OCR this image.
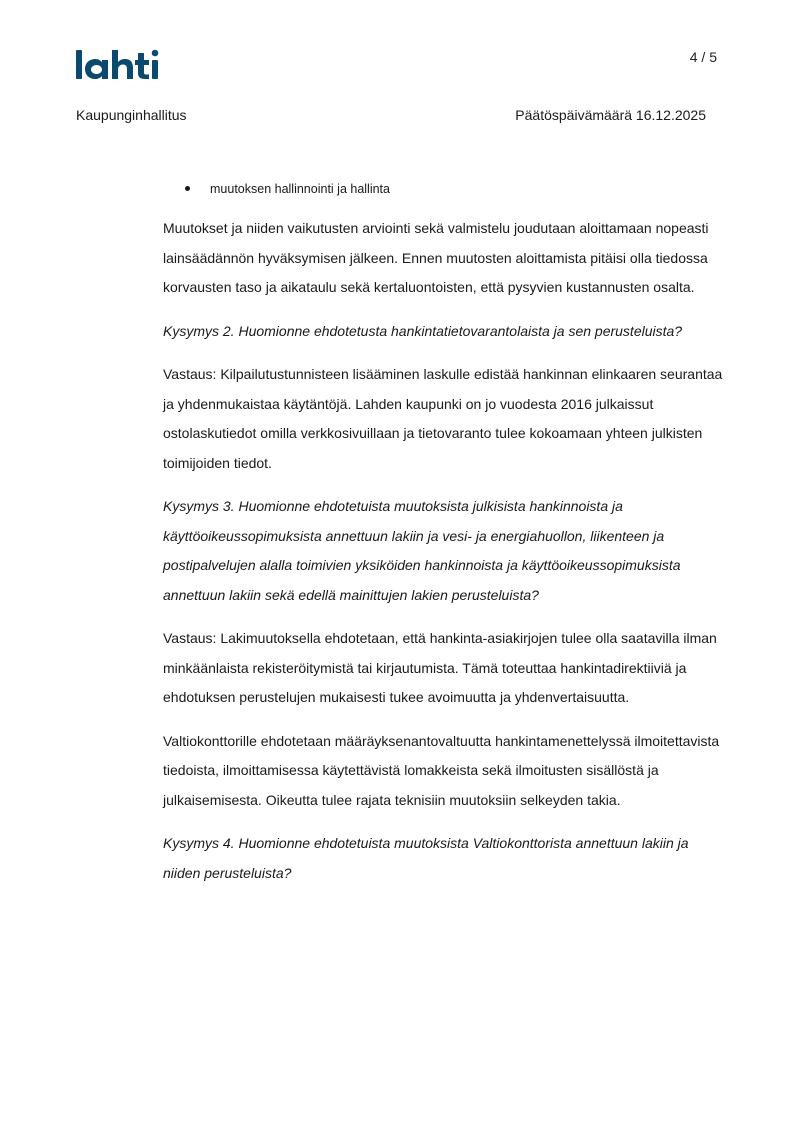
4 / 5
Kaupunginhallitus	Päätöspäivämäärä 16.12.2025
muutoksen hallinnointi ja hallinta

Muutokset ja niiden vaikutusten arviointi sekä valmistelu joudutaan aloittamaan nopeasti lainsäädännön hyväksymisen jälkeen. Ennen muutosten aloittamista pitäisi olla tiedossa korvausten taso ja aikataulu sekä kertaluontoisten, että pysyvien kustannusten osalta.

Kysymys 2. Huomionne ehdotetusta hankintatietovarantolaista ja sen perusteluista?

Vastaus: Kilpailutustunnisteen lisääminen laskulle edistää hankinnan elinkaaren seurantaa ja yhdenmukaistaa käytäntöjä. Lahden kaupunki on jo vuodesta 2016 julkaissut ostolaskutiedot omilla verkkosivuillaan ja tietovaranto tulee kokoamaan yhteen julkisten toimijoiden tiedot.

Kysymys 3. Huomionne ehdotetuista muutoksista julkisista hankinnoista ja käyttöoikeussopimuksista annettuun lakiin ja vesi- ja energiahuollon, liikenteen ja postipalvelujen alalla toimivien yksiköiden hankinnoista ja käyttöoikeussopimuksista annettuun lakiin sekä edellä mainittujen lakien perusteluista?

Vastaus: Lakimuutoksella ehdotetaan, että hankinta-asiakirjojen tulee olla saatavilla ilman minkäänlaista rekisteröitymistä tai kirjautumista. Tämä toteuttaa hankintadirektiiviä ja ehdotuksen perustelujen mukaisesti tukee avoimuutta ja yhdenvertaisuutta.

Valtiokonttorille ehdotetaan määräyksenantovaltuutta hankintamenettelyssä ilmoitettavista tiedoista, ilmoittamisessa käytettävistä lomakkeista sekä ilmoitusten sisällöstä ja julkaisemisesta. Oikeutta tulee rajata teknisiin muutoksiin selkeyden takia.

Kysymys 4. Huomionne ehdotetuista muutoksista Valtiokonttorista annettuun lakiin ja niiden perusteluista?
